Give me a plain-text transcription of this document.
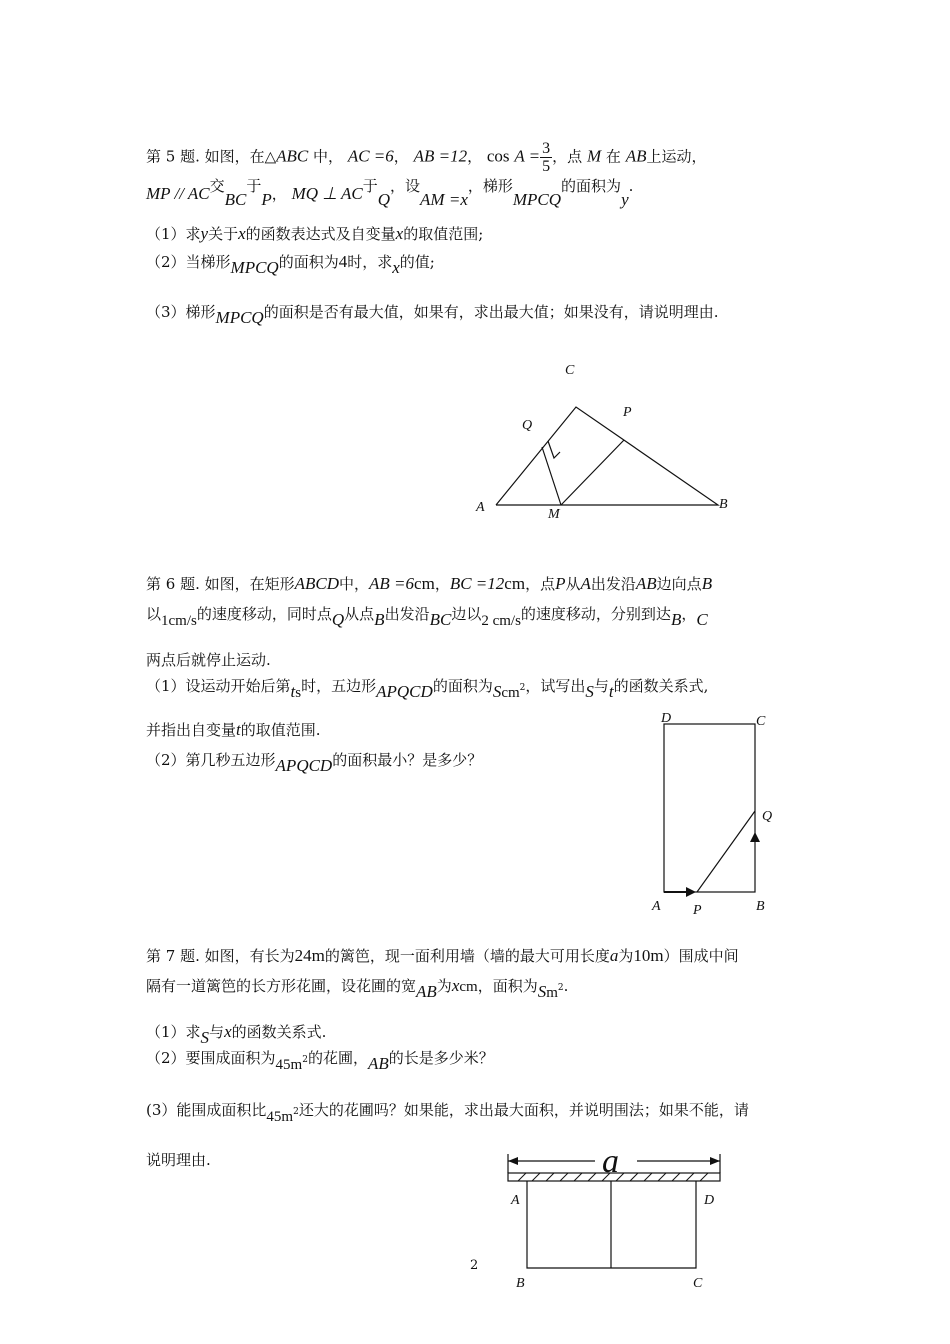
第 5 题. 如图，在△ABC 中， AC =6， AB =12， $\cos A = \frac{3}{5}$ ，点 M 在 AB上运动，
MP // AC交BC于P， MQ ⊥ AC于Q，设AM =x，梯形MPCQ的面积为y.
（1）求y关于x的函数表达式及自变量x的取值范围;
（2）当梯形MPCQ的面积为4时，求x的值;
（3）梯形MPCQ的面积是否有最大值，如果有，求出最大值；如果没有，请说明理由.
第 6 题. 如图，在矩形ABCD中，AB =6cm，BC =12cm，点P从A出发沿AB边向点B
以1cm/s的速度移动，同时点Q从点B出发沿BC边以2 cm/s的速度移动，分别到达B，C
两点后就停止运动.
（1）设运动开始后第ts时，五边形APQCD的面积为Scm2，试写出S与t的函数关系式,
并指出自变量t的取值范围.
（2）第几秒五边形APQCD的面积最小？是多少？
第 7 题. 如图，有长为24m的篱笆，现一面利用墙（墙的最大可用长度a为10m）围成中间
隔有一道篱笆的长方形花圃，设花圃的宽AB为xcm，面积为Sm2.
（1）求S与x的函数关系式.
（2）要围成面积为45m2的花圃，AB的长是多少米？
(3）能围成面积比45m2还大的花圃吗？如果能，求出最大面积，并说明围法；如果不能，请
说明理由.
C
Q
P
A	M
B
D	C
Q
A P	B
a
A	D
B	C
2
